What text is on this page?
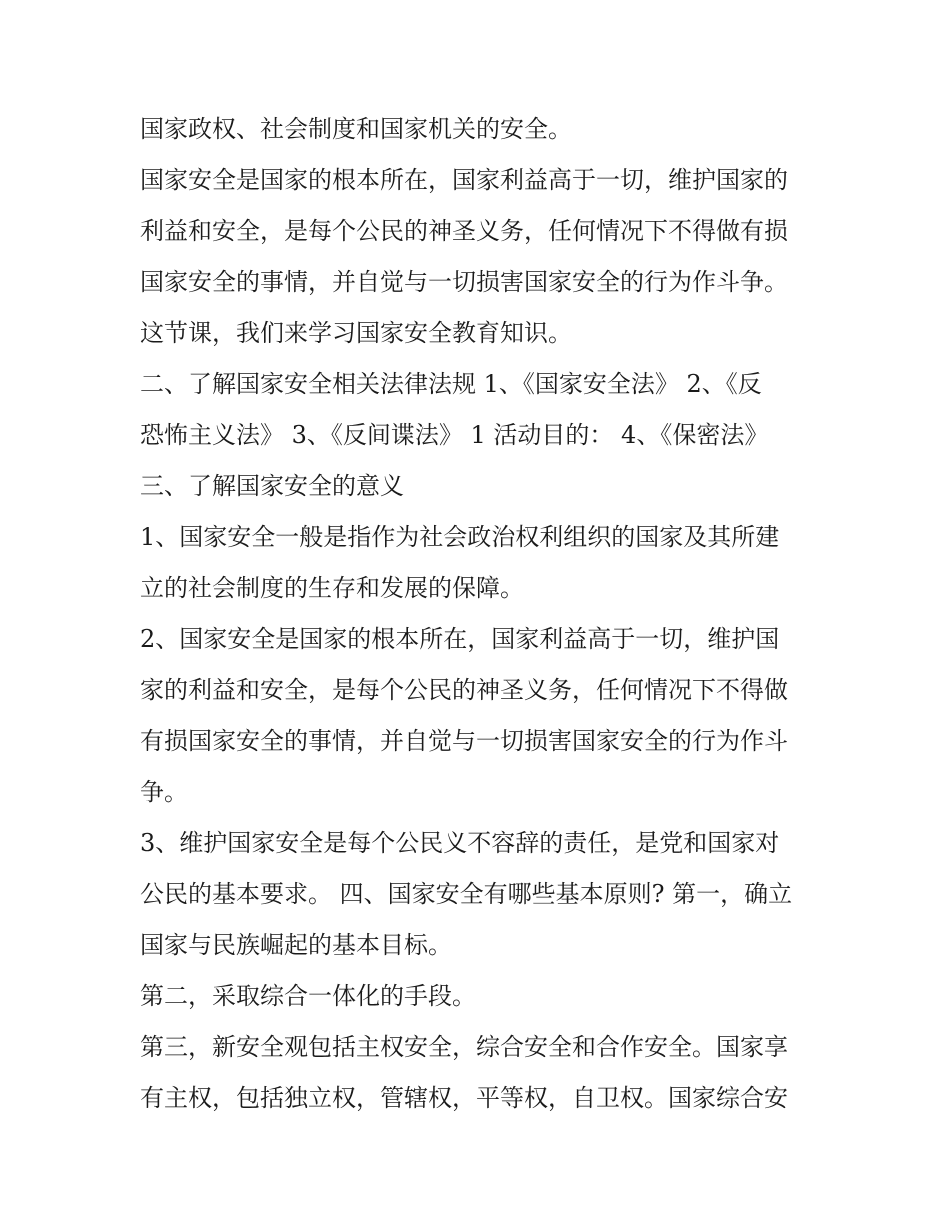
国家政权、社会制度和国家机关的安全。
国家安全是国家的根本所在，国家利益高于一切，维护国家的
利益和安全，是每个公民的神圣义务，任何情况下不得做有损
国家安全的事情，并自觉与一切损害国家安全的行为作斗争。
这节课，我们来学习国家安全教育知识。
二、了解国家安全相关法律法规 1、《国家安全法》 2、《反
恐怖主义法》 3、《反间谍法》 1 活动目的： 4、《保密法》
三、了解国家安全的意义
1、国家安全一般是指作为社会政治权利组织的国家及其所建
立的社会制度的生存和发展的保障。
2、国家安全是国家的根本所在，国家利益高于一切，维护国
家的利益和安全，是每个公民的神圣义务，任何情况下不得做
有损国家安全的事情，并自觉与一切损害国家安全的行为作斗
争。
3、维护国家安全是每个公民义不容辞的责任，是党和国家对
公民的基本要求。 四、国家安全有哪些基本原则? 第一，确立
国家与民族崛起的基本目标。
第二，采取综合一体化的手段。
第三，新安全观包括主权安全，综合安全和合作安全。国家享
有主权，包括独立权，管辖权，平等权，自卫权。国家综合安
